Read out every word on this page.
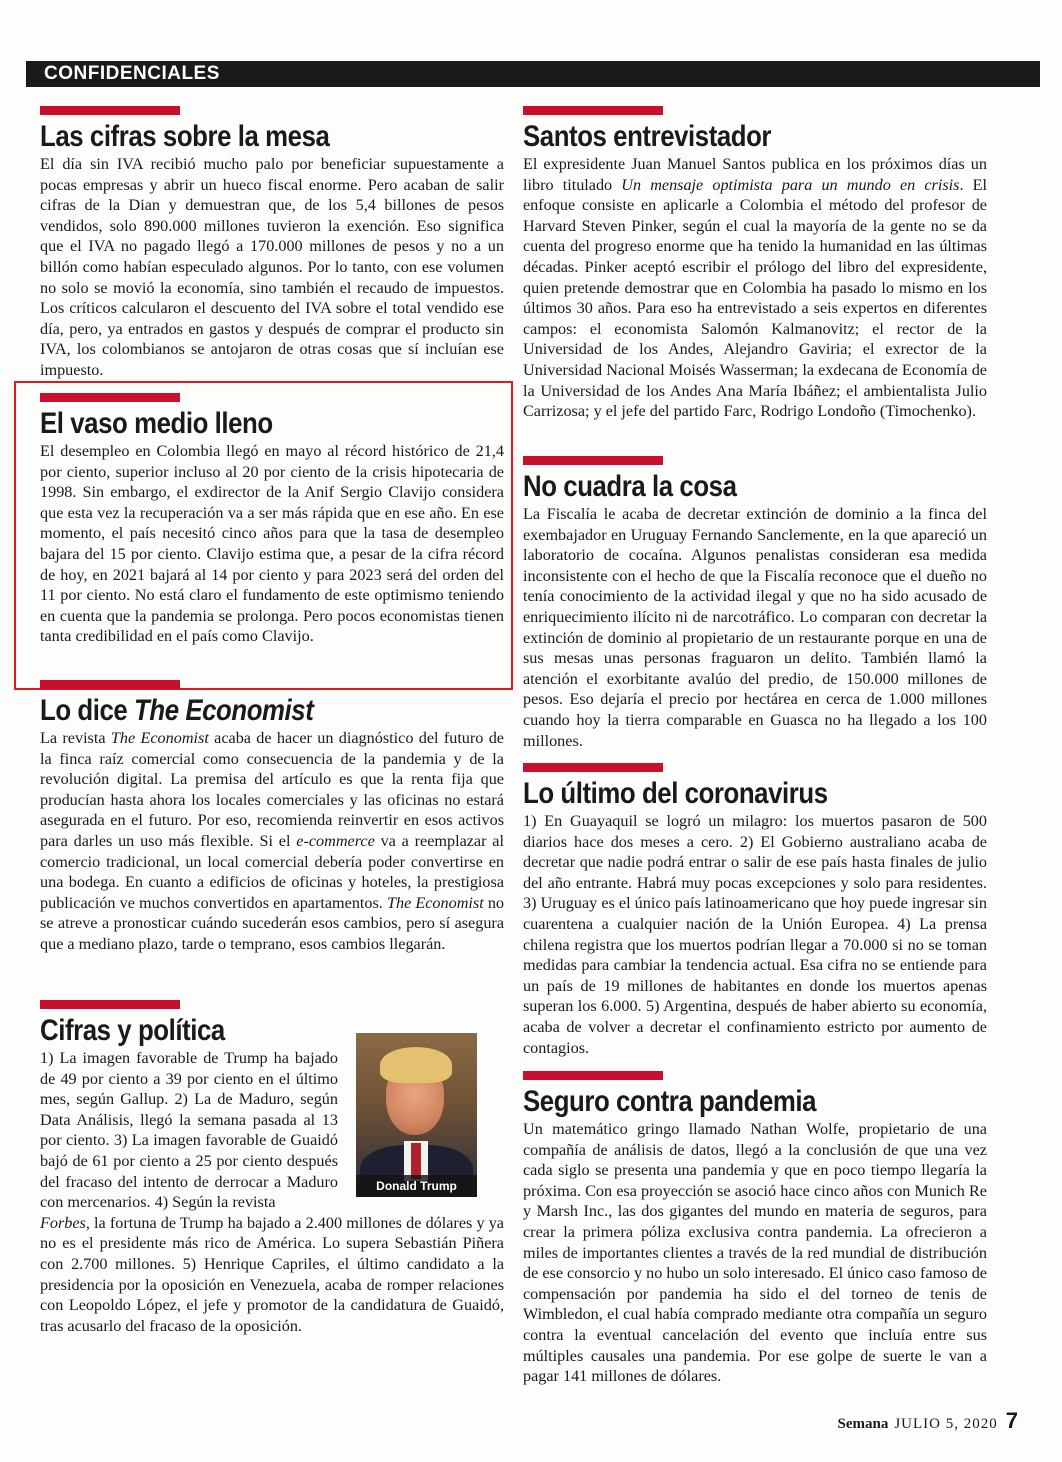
CONFIDENCIALES
Las cifras sobre la mesa

El día sin IVA recibió mucho palo por beneficiar supuestamente a pocas empresas y abrir un hueco fiscal enorme. Pero acaban de salir cifras de la Dian y demuestran que, de los 5,4 billones de pesos vendidos, solo 890.000 millones tuvieron la exención. Eso significa que el IVA no pagado llegó a 170.000 millones de pesos y no a un billón como habían especulado algunos. Por lo tanto, con ese volumen no solo se movió la economía, sino también el recaudo de impuestos. Los críticos calcularon el descuento del IVA sobre el total vendido ese día, pero, ya entrados en gastos y después de comprar el producto sin IVA, los colombianos se antojaron de otras cosas que sí incluían ese impuesto.

El vaso medio lleno

El desempleo en Colombia llegó en mayo al récord histórico de 21,4 por ciento, superior incluso al 20 por ciento de la crisis hipotecaria de 1998. Sin embargo, el exdirector de la Anif Sergio Clavijo considera que esta vez la recuperación va a ser más rápida que en ese año. En ese momento, el país necesitó cinco años para que la tasa de desempleo bajara del 15 por ciento. Clavijo estima que, a pesar de la cifra récord de hoy, en 2021 bajará al 14 por ciento y para 2023 será del orden del 11 por ciento. No está claro el fundamento de este optimismo teniendo en cuenta que la pandemia se prolonga. Pero pocos economistas tienen tanta credibilidad en el país como Clavijo.

Lo dice The Economist

La revista The Economist acaba de hacer un diagnóstico del futuro de la finca raíz comercial como consecuencia de la pandemia y de la revolución digital. La premisa del artículo es que la renta fija que producían hasta ahora los locales comerciales y las oficinas no estará asegurada en el futuro. Por eso, recomienda reinvertir en esos activos para darles un uso más flexible. Si el e-commerce va a reemplazar al comercio tradicional, un local comercial debería poder convertirse en una bodega. En cuanto a edificios de oficinas y hoteles, la prestigiosa publicación ve muchos convertidos en apartamentos. The Economist no se atreve a pronosticar cuándo sucederán esos cambios, pero sí asegura que a mediano plazo, tarde o temprano, esos cambios llegarán.

Cifras y política

1) La imagen favorable de Trump ha bajado de 49 por ciento a 39 por ciento en el último mes, según Gallup. 2) La de Maduro, según Data Análisis, llegó la semana pasada al 13 por ciento. 3) La imagen favorable de Guaidó bajó de 61 por ciento a 25 por ciento después del fracaso del intento de derrocar a Maduro con mercenarios. 4) Según la revista

Forbes, la fortuna de Trump ha bajado a 2.400 millones de dólares y ya no es el presidente más rico de América. Lo supera Sebastián Piñera con 2.700 millones. 5) Henrique Capriles, el último candidato a la presidencia por la oposición en Venezuela, acaba de romper relaciones con Leopoldo López, el jefe y promotor de la candidatura de Guaidó, tras acusarlo del fracaso de la oposición.

Donald Trump
Santos entrevistador

El expresidente Juan Manuel Santos publica en los próximos días un libro titulado Un mensaje optimista para un mundo en crisis. El enfoque consiste en aplicarle a Colombia el método del profesor de Harvard Steven Pinker, según el cual la mayoría de la gente no se da cuenta del progreso enorme que ha tenido la humanidad en las últimas décadas. Pinker aceptó escribir el prólogo del libro del expresidente, quien pretende demostrar que en Colombia ha pasado lo mismo en los últimos 30 años. Para eso ha entrevistado a seis expertos en diferentes campos: el economista Salomón Kalmanovitz; el rector de la Universidad de los Andes, Alejandro Gaviria; el exrector de la Universidad Nacional Moisés Wasserman; la exdecana de Economía de la Universidad de los Andes Ana María Ibáñez; el ambientalista Julio Carrizosa; y el jefe del partido Farc, Rodrigo Londoño (Timochenko).

No cuadra la cosa

La Fiscalía le acaba de decretar extinción de dominio a la finca del exembajador en Uruguay Fernando Sanclemente, en la que apareció un laboratorio de cocaína. Algunos penalistas consideran esa medida inconsistente con el hecho de que la Fiscalía reconoce que el dueño no tenía conocimiento de la actividad ilegal y que no ha sido acusado de enriquecimiento ilícito ni de narcotráfico. Lo comparan con decretar la extinción de dominio al propietario de un restaurante porque en una de sus mesas unas personas fraguaron un delito. También llamó la atención el exorbitante avalúo del predio, de 150.000 millones de pesos. Eso dejaría el precio por hectárea en cerca de 1.000 millones cuando hoy la tierra comparable en Guasca no ha llegado a los 100 millones.

Lo último del coronavirus

1) En Guayaquil se logró un milagro: los muertos pasaron de 500 diarios hace dos meses a cero. 2) El Gobierno australiano acaba de decretar que nadie podrá entrar o salir de ese país hasta finales de julio del año entrante. Habrá muy pocas excepciones y solo para residentes. 3) Uruguay es el único país latinoamericano que hoy puede ingresar sin cuarentena a cualquier nación de la Unión Europea. 4) La prensa chilena registra que los muertos podrían llegar a 70.000 si no se toman medidas para cambiar la tendencia actual. Esa cifra no se entiende para un país de 19 millones de habitantes en donde los muertos apenas superan los 6.000. 5) Argentina, después de haber abierto su economía, acaba de volver a decretar el confinamiento estricto por aumento de contagios.

Seguro contra pandemia

Un matemático gringo llamado Nathan Wolfe, propietario de una compañía de análisis de datos, llegó a la conclusión de que una vez cada siglo se presenta una pandemia y que en poco tiempo llegaría la próxima. Con esa proyección se asoció hace cinco años con Munich Re y Marsh Inc., las dos gigantes del mundo en materia de seguros, para crear la primera póliza exclusiva contra pandemia. La ofrecieron a miles de importantes clientes a través de la red mundial de distribución de ese consorcio y no hubo un solo interesado. El único caso famoso de compensación por pandemia ha sido el del torneo de tenis de Wimbledon, el cual había comprado mediante otra compañía un seguro contra la eventual cancelación del evento que incluía entre sus múltiples causales una pandemia. Por ese golpe de suerte le van a pagar 141 millones de dólares.

Semana JULIO 5, 2020 7
